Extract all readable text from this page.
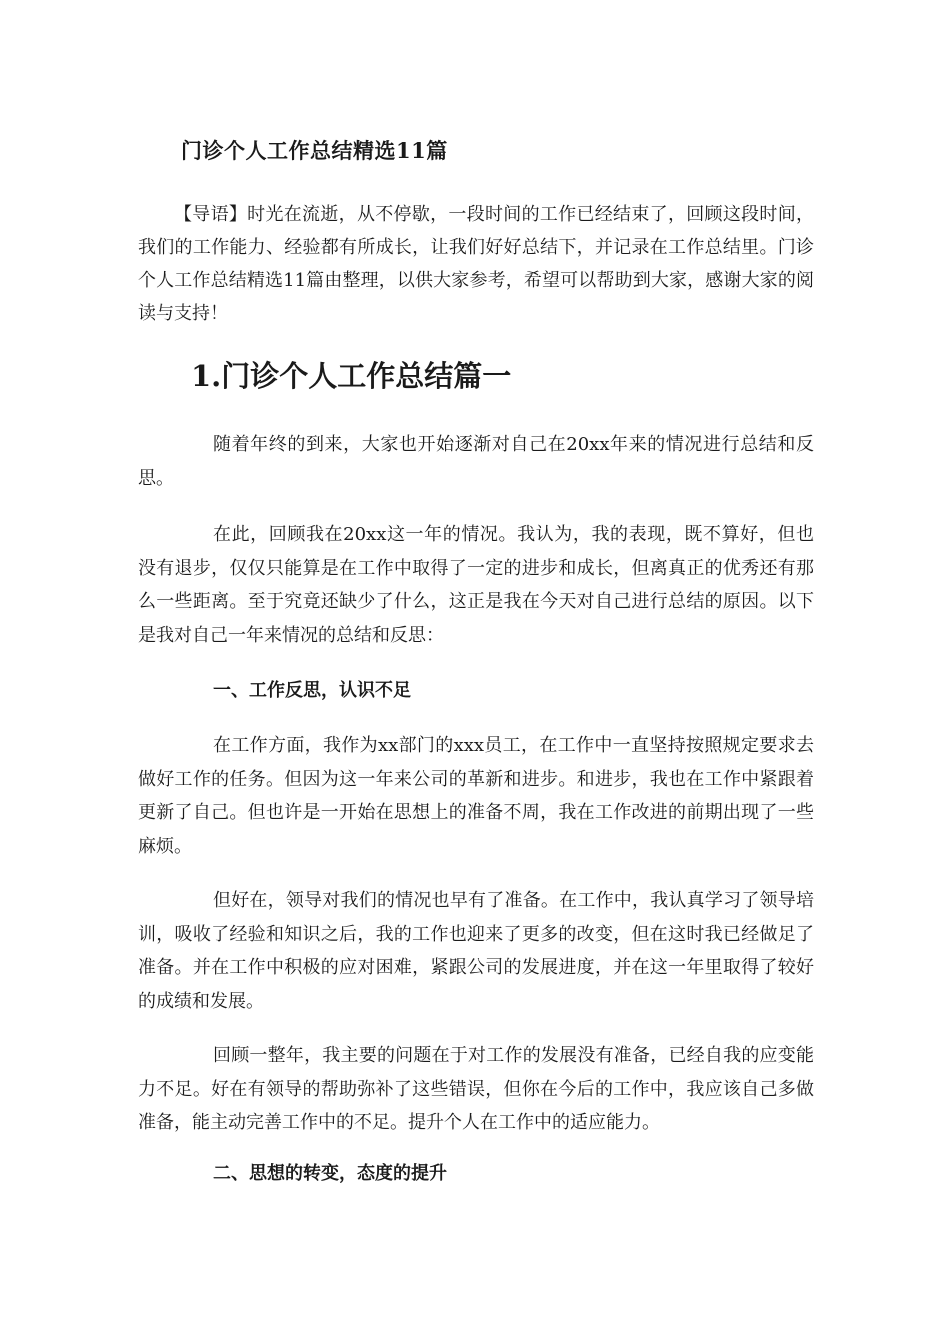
门诊个人工作总结精选11篇

【导语】时光在流逝，从不停歇，一段时间的工作已经结束了，回顾这段时间，我们的工作能力、经验都有所成长，让我们好好总结下，并记录在工作总结里。门诊个人工作总结精选11篇由整理，以供大家参考，希望可以帮助到大家，感谢大家的阅读与支持！

1.门诊个人工作总结篇一

随着年终的到来，大家也开始逐渐对自己在20xx年来的情况进行总结和反思。

在此，回顾我在20xx这一年的情况。我认为，我的表现，既不算好，但也没有退步，仅仅只能算是在工作中取得了一定的进步和成长，但离真正的优秀还有那么一些距离。至于究竟还缺少了什么，这正是我在今天对自己进行总结的原因。以下是我对自己一年来情况的总结和反思：

一、工作反思，认识不足

在工作方面，我作为xx部门的xxx员工，在工作中一直坚持按照规定要求去做好工作的任务。但因为这一年来公司的革新和进步。和进步，我也在工作中紧跟着更新了自己。但也许是一开始在思想上的准备不周，我在工作改进的前期出现了一些麻烦。

但好在，领导对我们的情况也早有了准备。在工作中，我认真学习了领导培训，吸收了经验和知识之后，我的工作也迎来了更多的改变，但在这时我已经做足了准备。并在工作中积极的应对困难，紧跟公司的发展进度，并在这一年里取得了较好的成绩和发展。

回顾一整年，我主要的问题在于对工作的发展没有准备，已经自我的应变能力不足。好在有领导的帮助弥补了这些错误，但你在今后的工作中，我应该自己多做准备，能主动完善工作中的不足。提升个人在工作中的适应能力。

二、思想的转变，态度的提升
